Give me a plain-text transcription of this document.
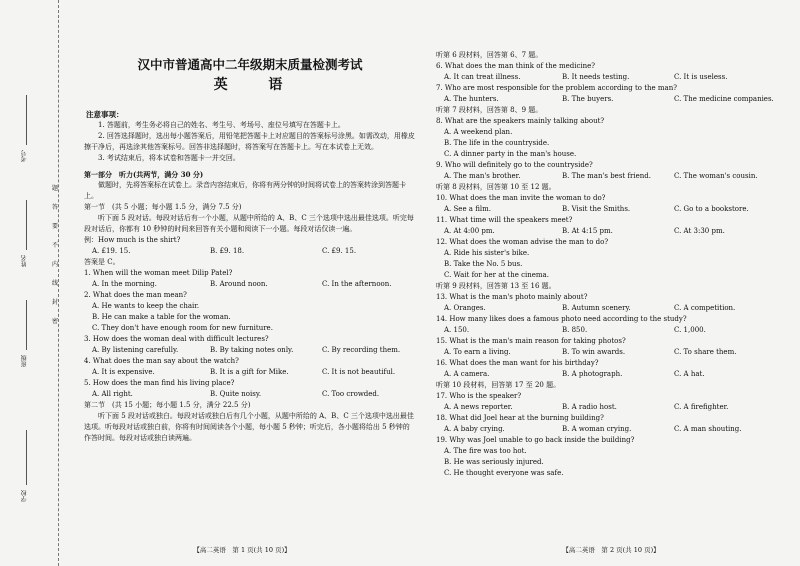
考号
姓名
班级
学校
题
答
要
不
内
线
封
密
汉中市普通高中二年级期末质量检测考试
英 语
注意事项：

1. 答题前，考生务必将自己的姓名、考生号、考场号、座位号填写在答题卡上。

2. 回答选择题时，选出每小题答案后，用铅笔把答题卡上对应题目的答案标号涂黑。如需改动，用橡皮擦干净后，再选涂其他答案标号。回答非选择题时，将答案写在答题卡上。写在本试卷上无效。

3. 考试结束后，将本试卷和答题卡一并交回。

第一部分　听力(共两节，满分 30 分)

做题时，先将答案标在试卷上。录音内容结束后，你将有两分钟的时间将试卷上的答案转涂到答题卡上。

第一节　(共 5 小题；每小题 1.5 分，满分 7.5 分)

听下面 5 段对话。每段对话后有一个小题，从题中所给的 A、B、C 三个选项中选出最佳选项。听完每段对话后，你都有 10 秒钟的时间来回答有关小题和阅读下一小题。每段对话仅读一遍。

例：How much is the shirt?

A. £19. 15.	B. £9. 18.	C. £9. 15.

答案是 C。

1. When will the woman meet Dilip Patel?

A. In the morning.	B. Around noon.	C. In the afternoon.

2. What does the man mean?

A. He wants to keep the chair.

B. He can make a table for the woman.

C. They don't have enough room for new furniture.

3. How does the woman deal with difficult lectures?

A. By listening carefully.	B. By taking notes only.	C. By recording them.

4. What does the man say about the watch?

A. It is expensive.	B. It is a gift for Mike.	C. It is not beautiful.

5. How does the man find his living place?

A. All right.	B. Quite noisy.	C. Too crowded.
第二节　(共 15 小题；每小题 1.5 分，满分 22.5 分)

听下面 5 段对话或独白。每段对话或独白后有几个小题，从题中所给的 A、B、C 三个选项中选出最佳选项。听每段对话或独白前，你将有时间阅读各个小题，每小题 5 秒钟；听完后，各小题将给出 5 秒钟的作答时间。每段对话或独白读两遍。

【高二英语　第 1 页(共 10 页)】

听第 6 段材料，回答第 6、7 题。

6. What does the man think of the medicine?

A. It can treat illness.	B. It needs testing.	C. It is useless.

7. Who are most responsible for the problem according to the man?

A. The hunters.	B. The buyers.	C. The medicine companies.

听第 7 段材料，回答第 8、9 题。

8. What are the speakers mainly talking about?

A. A weekend plan.

B. The life in the countryside.

C. A dinner party in the man's house.

9. Who will definitely go to the countryside?

A. The man's brother.	B. The man's best friend.	C. The woman's cousin.

听第 8 段材料，回答第 10 至 12 题。

10. What does the man invite the woman to do?

A. See a film.	B. Visit the Smiths.	C. Go to a bookstore.

11. What time will the speakers meet?

A. At 4:00 pm.	B. At 4:15 pm.	C. At 3:30 pm.

12. What does the woman advise the man to do?

A. Ride his sister's bike.

B. Take the No. 5 bus.

C. Wait for her at the cinema.

听第 9 段材料，回答第 13 至 16 题。

13. What is the man's photo mainly about?

A. Oranges.	B. Autumn scenery.	C. A competition.

14. How many likes does a famous photo need according to the study?

A. 150.	B. 850.	C. 1,000.

15. What is the man's main reason for taking photos?

A. To earn a living.	B. To win awards.	C. To share them.

16. What does the man want for his birthday?

A. A camera.	B. A photograph.	C. A hat.

听第 10 段材料，回答第 17 至 20 题。

17. Who is the speaker?

A. A news reporter.	B. A radio host.	C. A firefighter.

18. What did Joel hear at the burning building?

A. A baby crying.	B. A woman crying.	C. A man shouting.

19. Why was Joel unable to go back inside the building?

A. The fire was too hot.

B. He was seriously injured.

C. He thought everyone was safe.

【高二英语　第 2 页(共 10 页)】
